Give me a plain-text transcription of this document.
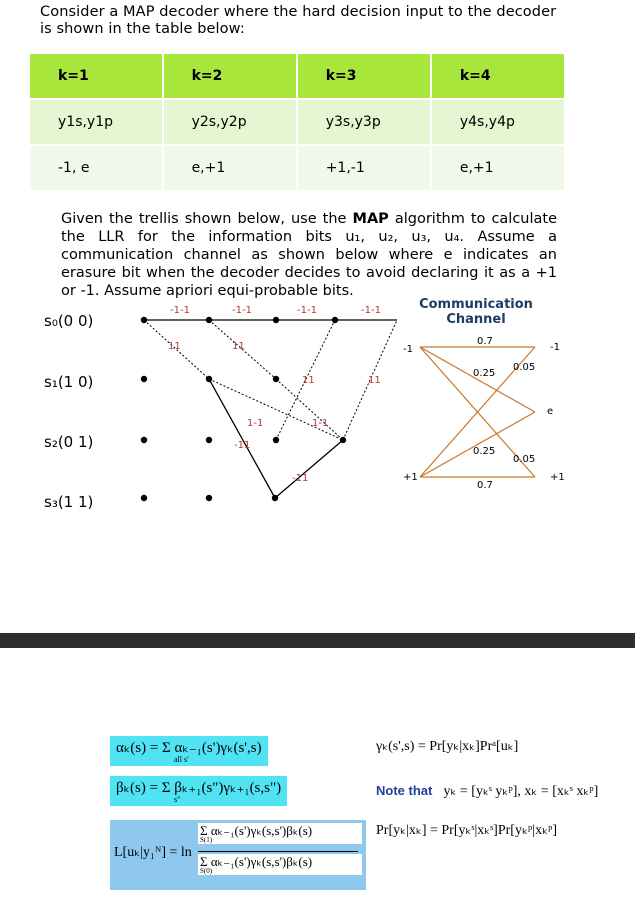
Consider a MAP decoder where the hard decision input to the decoder is shown in the table below:
k=1	k=2	k=3	k=4
y1s,y1p	y2s,y2p	y3s,y3p	y4s,y4p
-1, e	e,+1	+1,-1	e,+1
Given the trellis shown below, use the MAP algorithm to calculate the LLR for the information bits u₁, u₂, u₃, u₄. Assume a communication channel as shown below where e indicates an erasure bit when the decoder decides to avoid declaring it as a +1 or -1. Assume apriori equi-probable bits.
s₀(0 0)
s₁(1 0)
s₂(0 1)
s₃(1 1)
-1-1	-1-1	-1-1	-1-1
11	11
11	11
1-1	1-1
-11
-11
Communication
Channel
-1
+1
-1
e
+1
0.7
0.7
0.25
0.25
0.05
0.05
αₖ(s) = Σ αₖ₋₁(s')γₖ(s',s)
all s'
βₖ(s) = Σ βₖ₊₁(s")γₖ₊₁(s,s")
s"
L[uₖ|y₁ᴺ] = ln
Σ αₖ₋₁(s')γₖ(s,s')βₖ(s)
S(1)
Σ αₖ₋₁(s')γₖ(s,s')βₖ(s)
S(0)
γₖ(s',s) = Pr[yₖ|xₖ]Prᵃ[uₖ]
Note that yₖ = [yₖˢ yₖᵖ], xₖ = [xₖˢ xₖᵖ]
Pr[yₖ|xₖ] = Pr[yₖˢ|xₖˢ]Pr[yₖᵖ|xₖᵖ]
